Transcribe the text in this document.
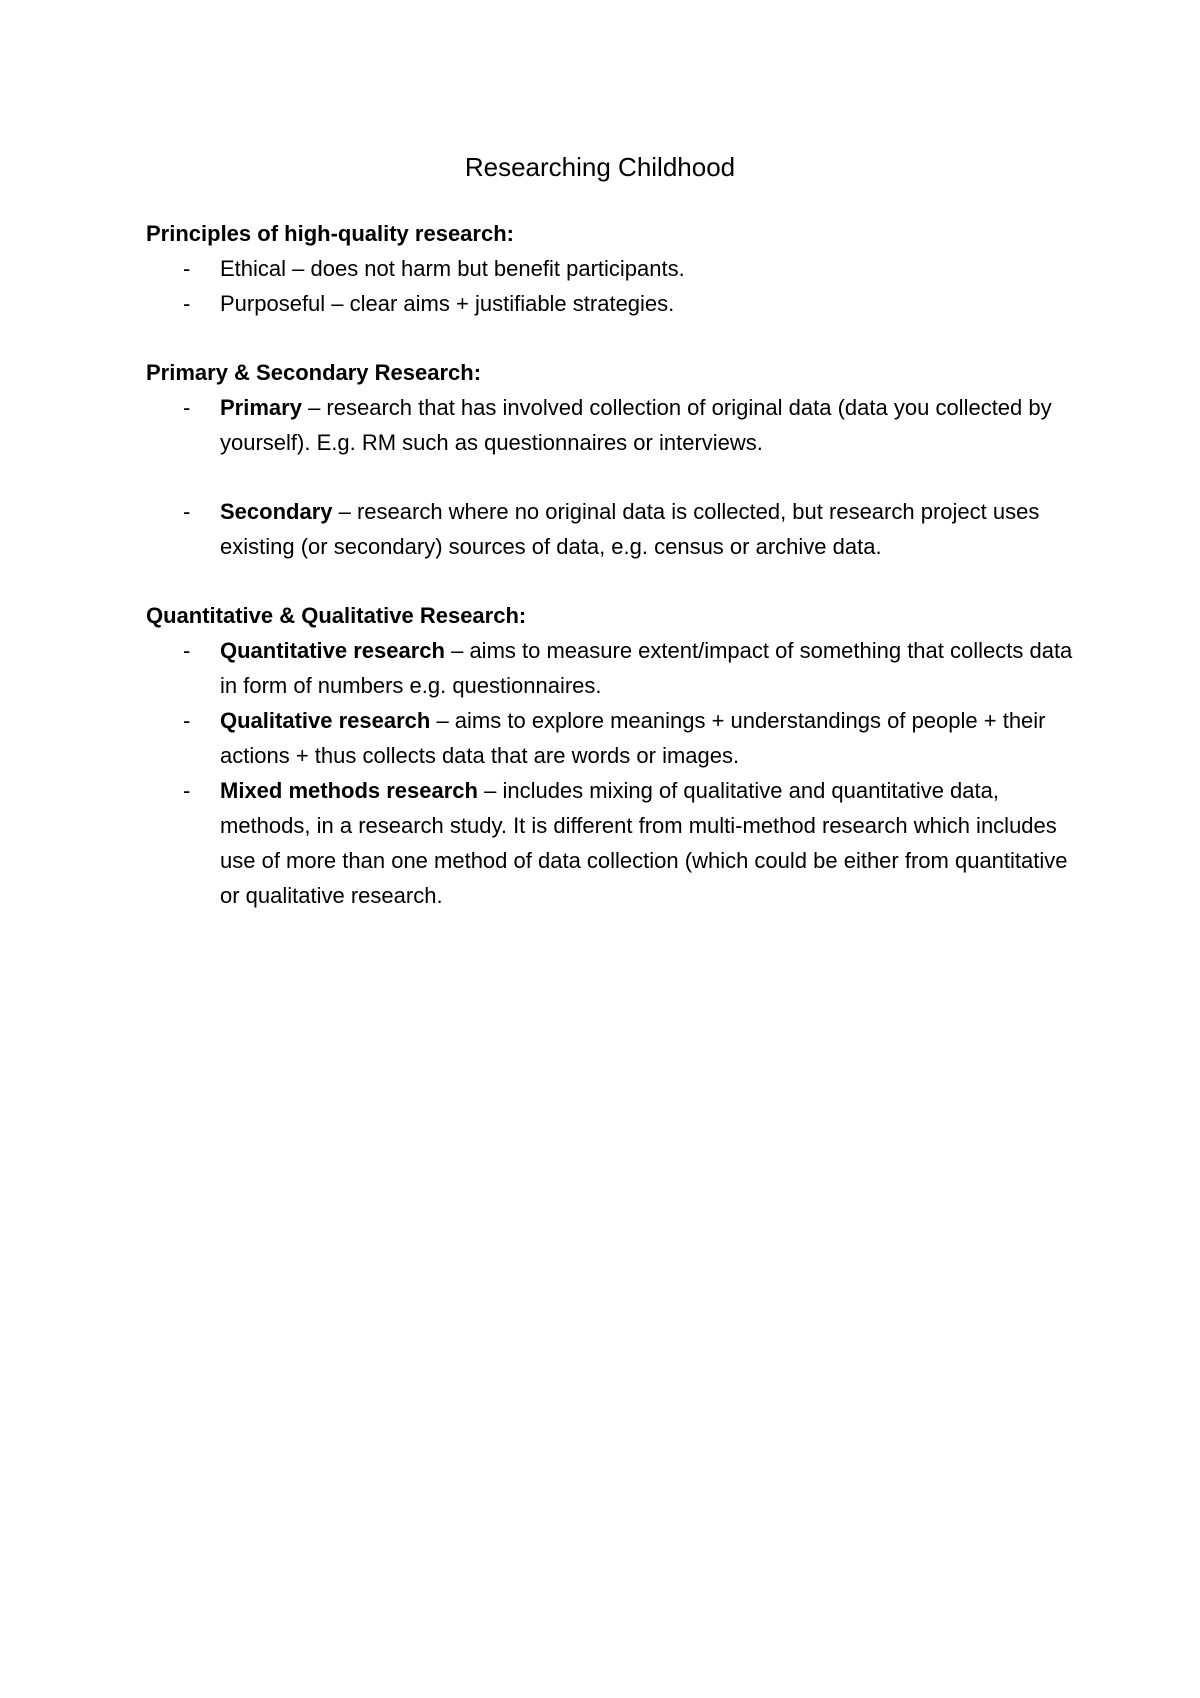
Researching Childhood

Principles of high-quality research:

- Ethical – does not harm but benefit participants.
- Purposeful – clear aims + justifiable strategies.

Primary & Secondary Research:

- Primary – research that has involved collection of original data (data you collected by yourself). E.g. RM such as questionnaires or interviews.
- Secondary – research where no original data is collected, but research project uses existing (or secondary) sources of data, e.g. census or archive data.

Quantitative & Qualitative Research:

- Quantitative research – aims to measure extent/impact of something that collects data in form of numbers e.g. questionnaires.
- Qualitative research – aims to explore meanings + understandings of people + their actions + thus collects data that are words or images.
- Mixed methods research – includes mixing of qualitative and quantitative data, methods, in a research study. It is different from multi-method research which includes use of more than one method of data collection (which could be either from quantitative or qualitative research.
